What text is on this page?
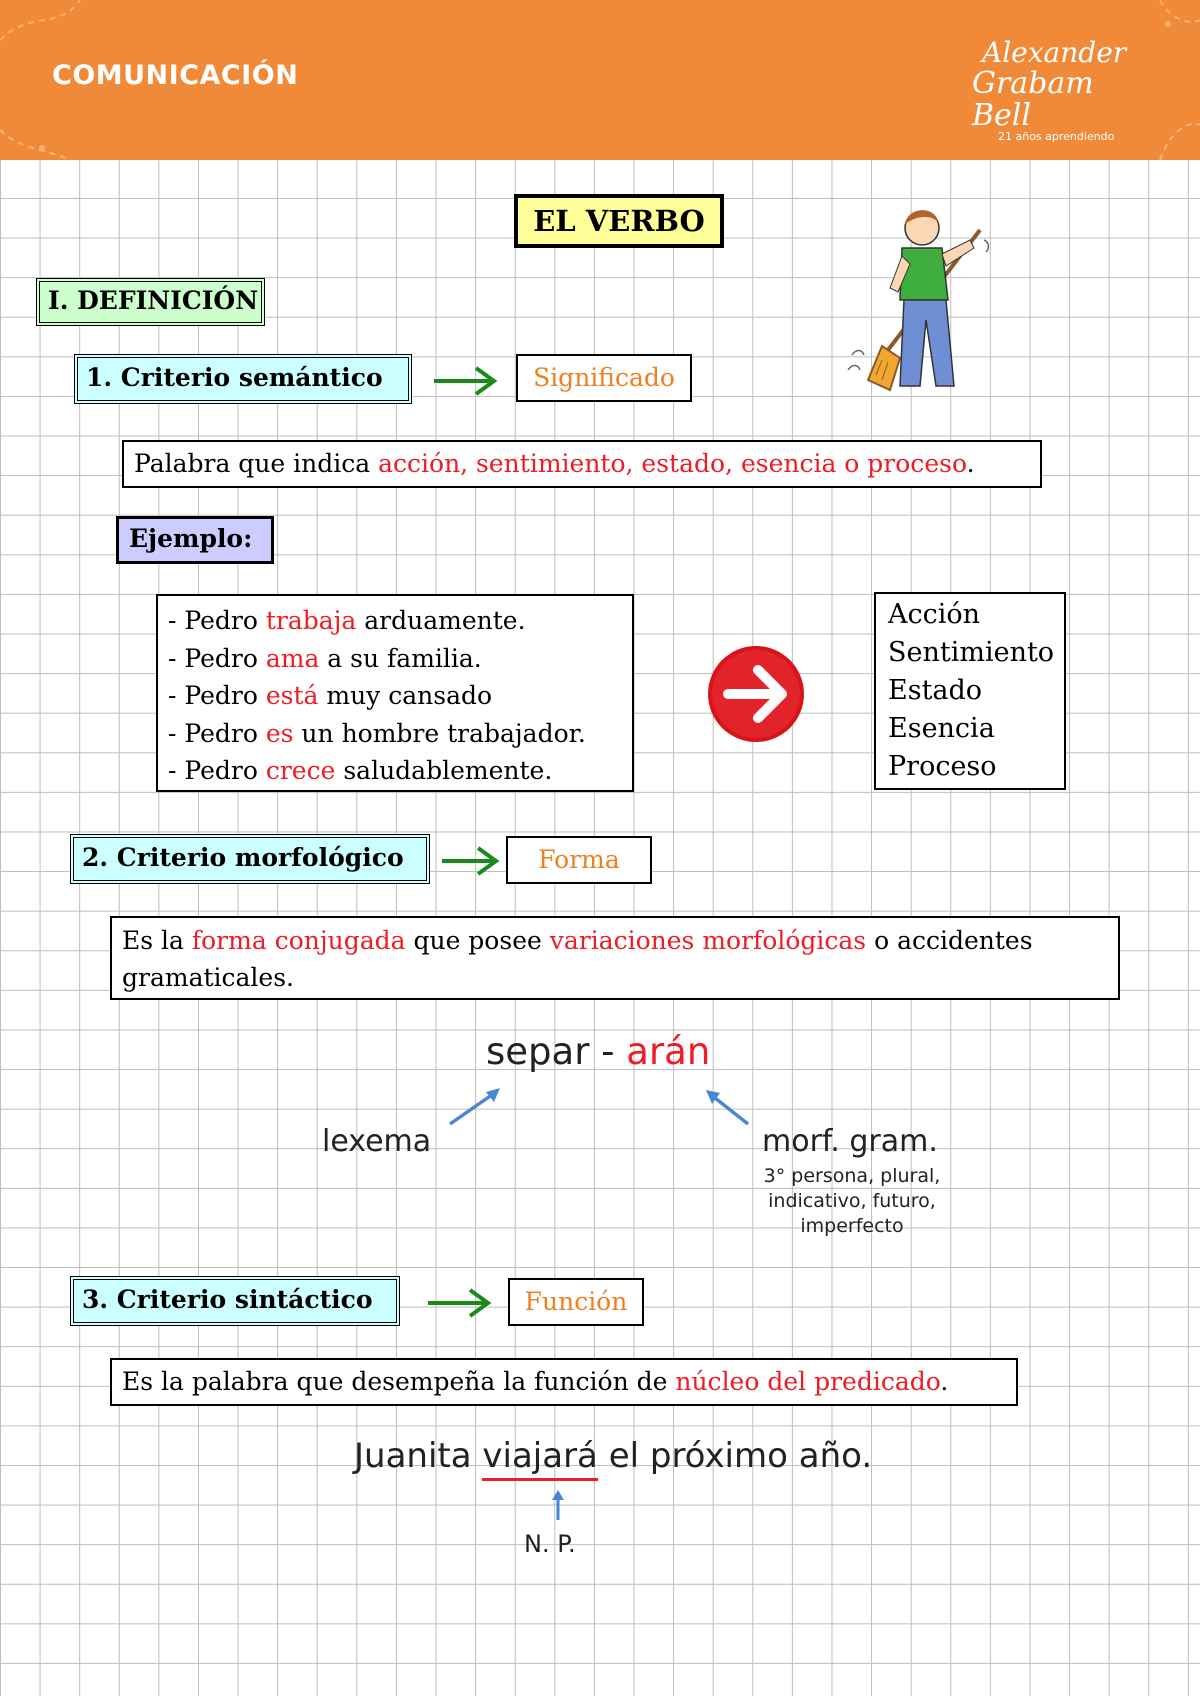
COMUNICACIÓN
Alexander
Grabam Bell
21 años aprendiendo
EL VERBO
I. DEFINICIÓN
1. Criterio semántico	Significado
Palabra que indica acción, sentimiento, estado, esencia o proceso.
Ejemplo:
- Pedro trabaja arduamente.
- Pedro ama a su familia.
- Pedro está muy cansado
- Pedro es un hombre trabajador.
- Pedro crece saludablemente.
Acción
Sentimiento
Estado
Esencia
Proceso
2. Criterio morfológico	Forma
Es la forma conjugada que posee variaciones morfológicas o accidentes
gramaticales.
separ - arán
lexema	morf. gram.
3° persona, plural,
indicativo, futuro,
imperfecto
3. Criterio sintáctico	Función
Es la palabra que desempeña la función de núcleo del predicado.
Juanita viajará el próximo año.
N. P.
